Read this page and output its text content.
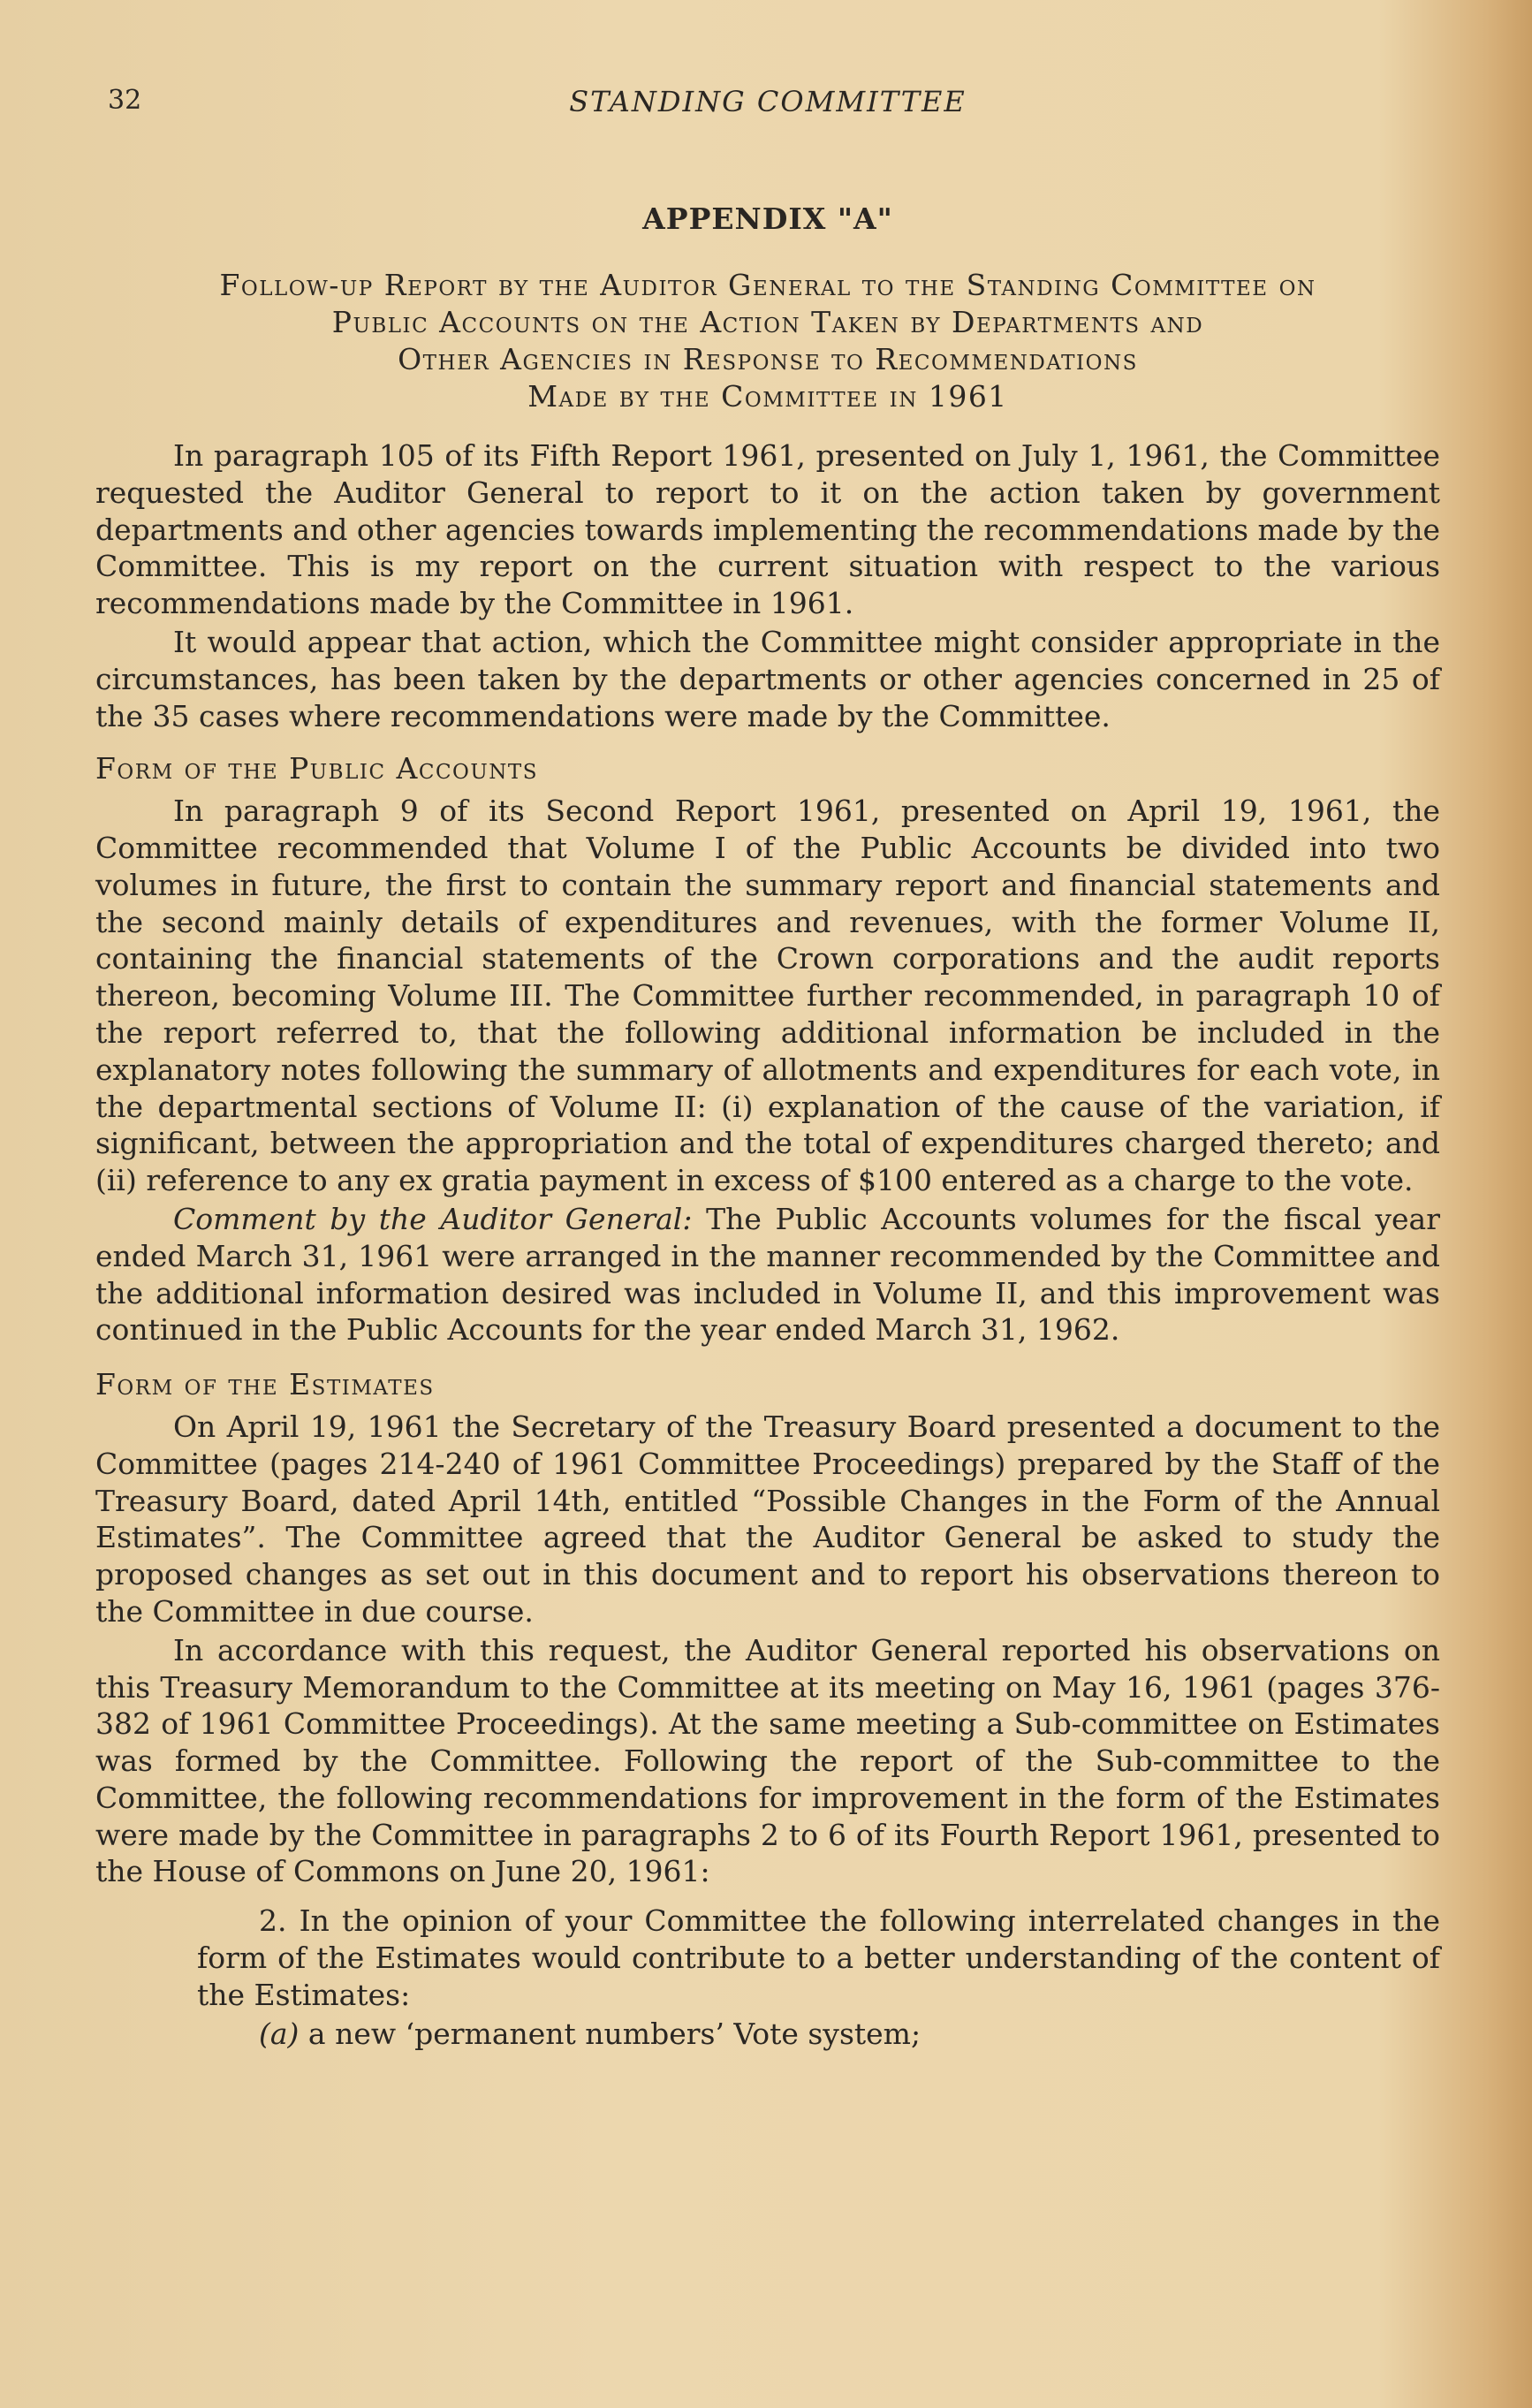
32	STANDING COMMITTEE
APPENDIX "A"
Follow-up Report by the Auditor General to the Standing Committee on
Public Accounts on the Action Taken by Departments and
Other Agencies in Response to Recommendations
Made by the Committee in 1961

In paragraph 105 of its Fifth Report 1961, presented on July 1, 1961, the Committee requested the Auditor General to report to it on the action taken by government departments and other agencies towards implementing the recommendations made by the Committee. This is my report on the current situation with respect to the various recommendations made by the Committee in 1961.

It would appear that action, which the Committee might consider appropriate in the circumstances, has been taken by the departments or other agencies concerned in 25 of the 35 cases where recommendations were made by the Committee.

Form of the Public Accounts

In paragraph 9 of its Second Report 1961, presented on April 19, 1961, the Committee recommended that Volume I of the Public Accounts be divided into two volumes in future, the first to contain the summary report and financial statements and the second mainly details of expenditures and revenues, with the former Volume II, containing the financial statements of the Crown corporations and the audit reports thereon, becoming Volume III. The Committee further recommended, in paragraph 10 of the report referred to, that the following additional information be included in the explanatory notes following the summary of allotments and expenditures for each vote, in the departmental sections of Volume II: (i) explanation of the cause of the variation, if significant, between the appropriation and the total of expenditures charged thereto; and (ii) reference to any ex gratia payment in excess of $100 entered as a charge to the vote.

Comment by the Auditor General: The Public Accounts volumes for the fiscal year ended March 31, 1961 were arranged in the manner recommended by the Committee and the additional information desired was included in Volume II, and this improvement was continued in the Public Accounts for the year ended March 31, 1962.

Form of the Estimates

On April 19, 1961 the Secretary of the Treasury Board presented a document to the Committee (pages 214-240 of 1961 Committee Proceedings) prepared by the Staff of the Treasury Board, dated April 14th, entitled “Possible Changes in the Form of the Annual Estimates”. The Committee agreed that the Auditor General be asked to study the proposed changes as set out in this document and to report his observations thereon to the Committee in due course.

In accordance with this request, the Auditor General reported his observations on this Treasury Memorandum to the Committee at its meeting on May 16, 1961 (pages 376-382 of 1961 Committee Proceedings). At the same meeting a Sub-committee on Estimates was formed by the Committee. Following the report of the Sub-committee to the Committee, the following recommendations for improvement in the form of the Estimates were made by the Committee in paragraphs 2 to 6 of its Fourth Report 1961, presented to the House of Commons on June 20, 1961:

2. In the opinion of your Committee the following interrelated changes in the form of the Estimates would contribute to a better understanding of the content of the Estimates:

(a) a new ‘permanent numbers’ Vote system;
